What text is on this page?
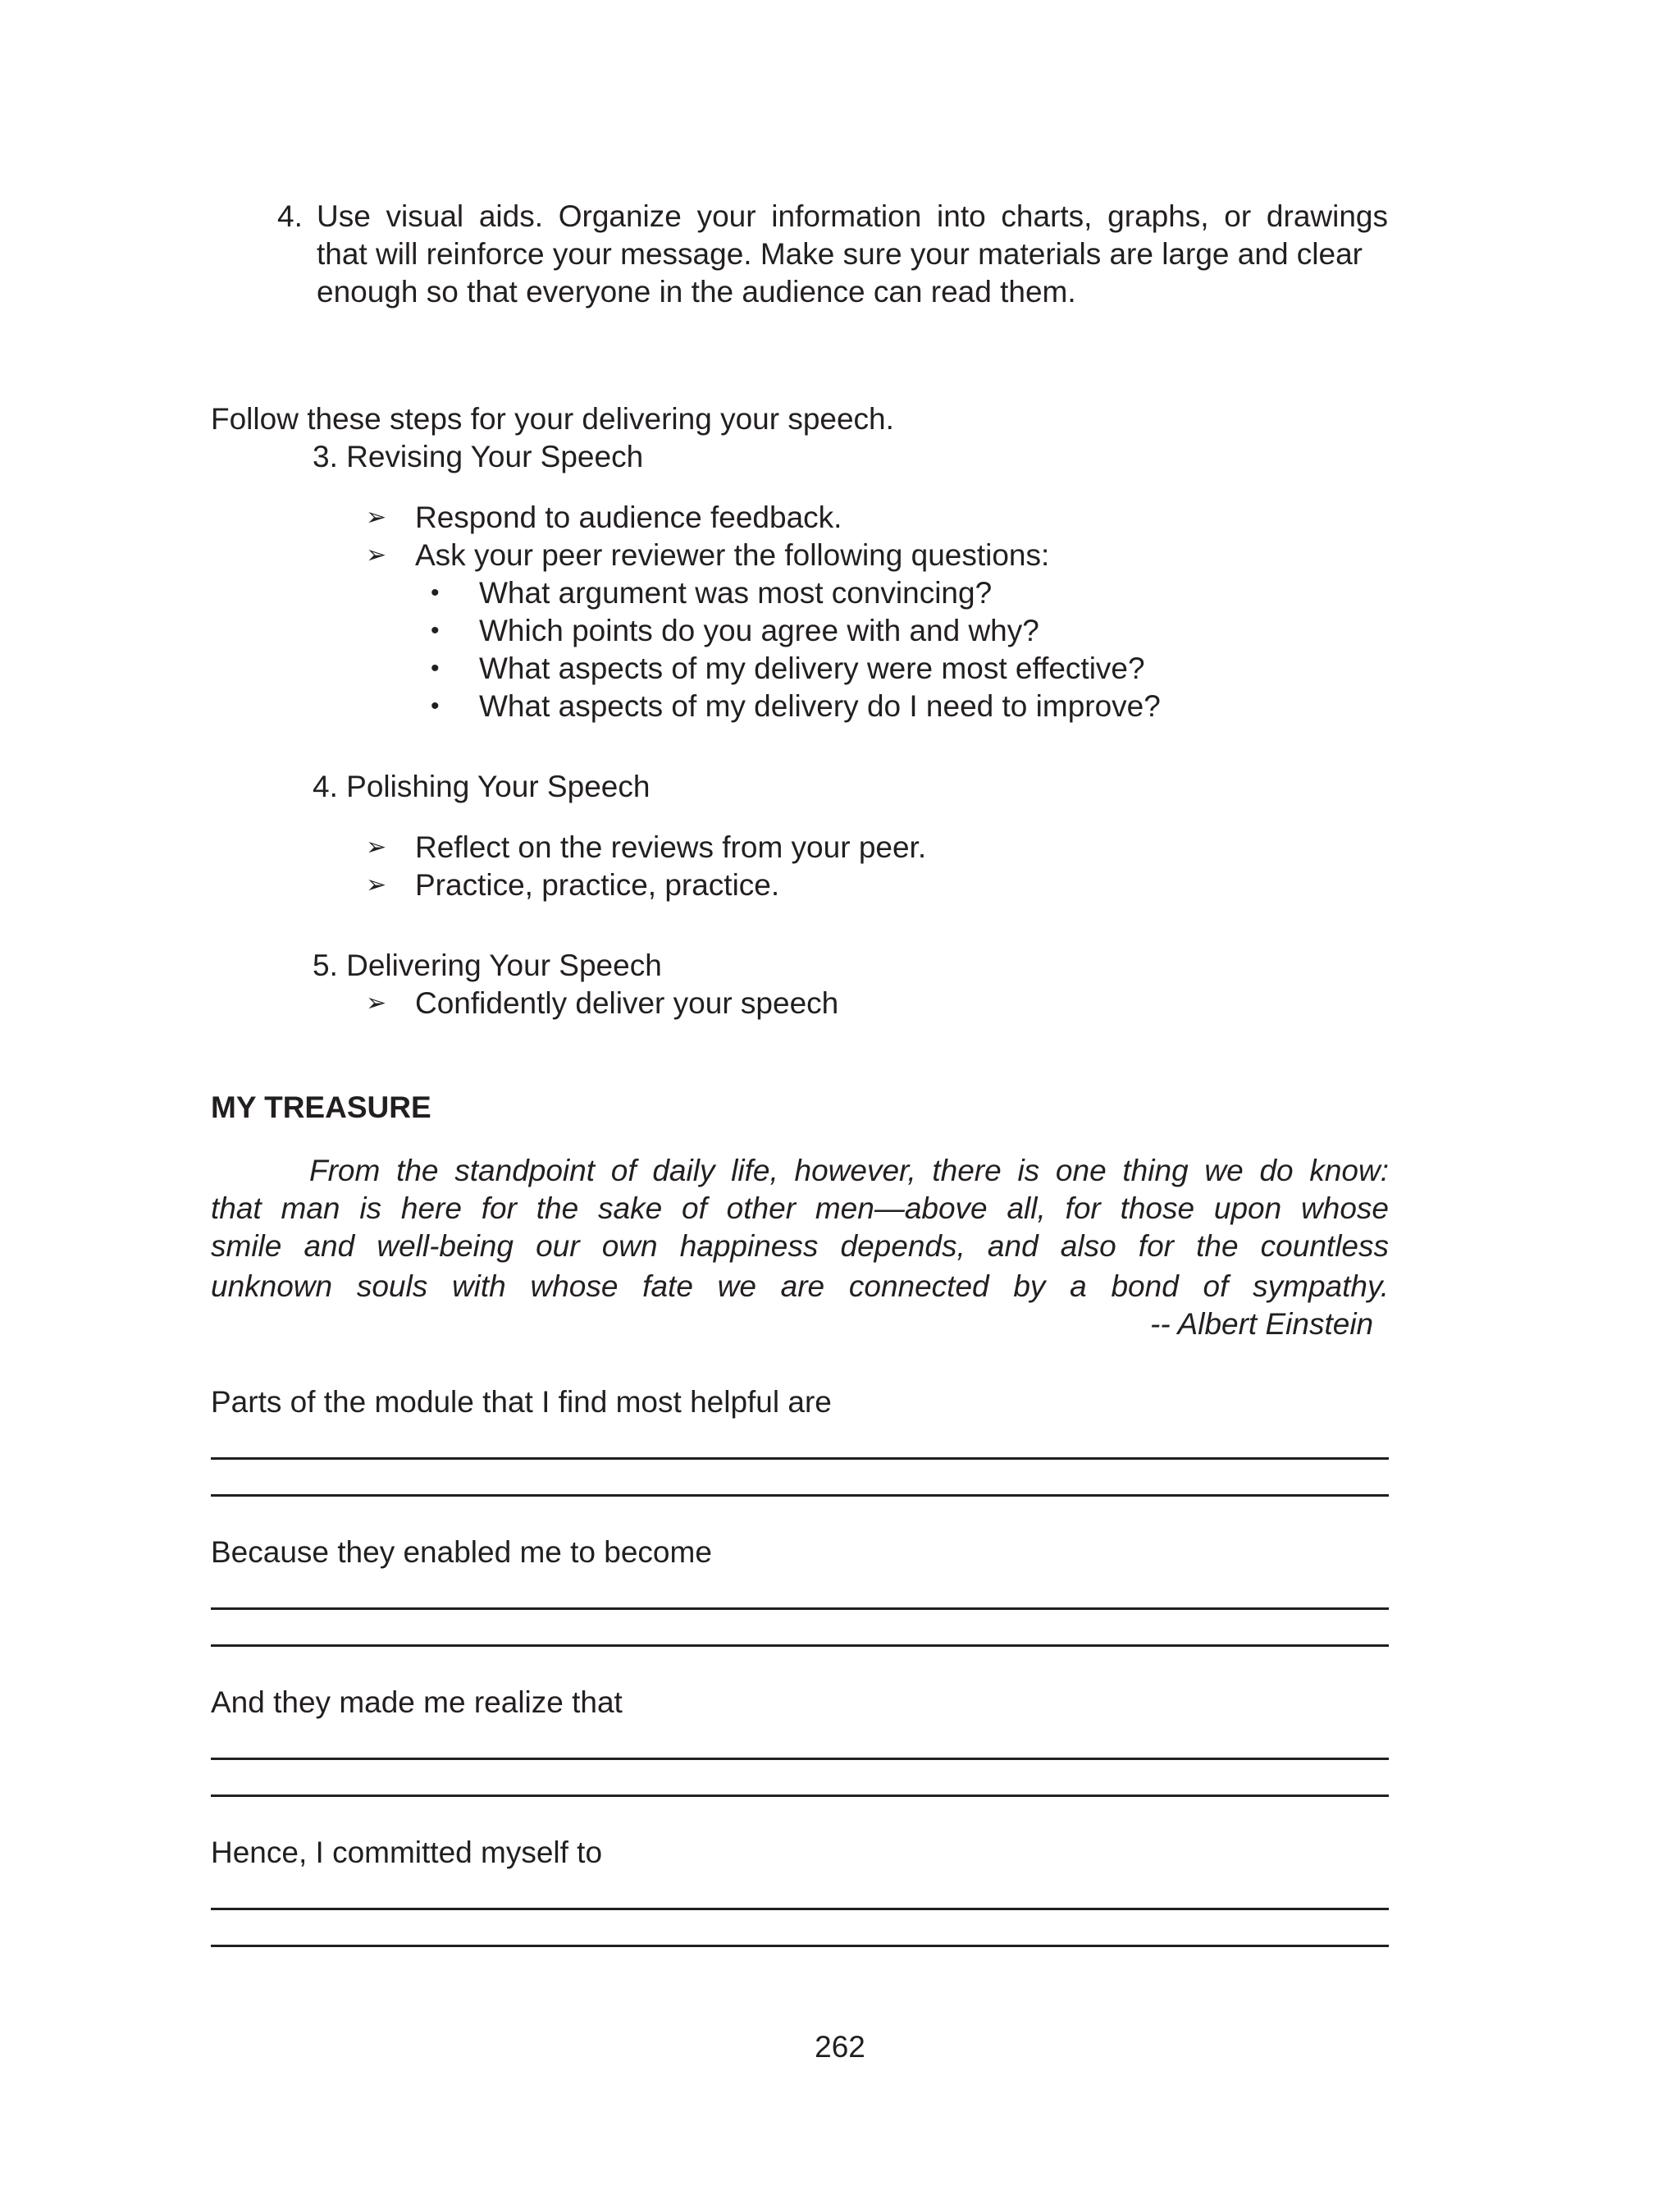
4. Use visual aids. Organize your information into charts, graphs, or drawings
that will reinforce your message. Make sure your materials are large and clear
enough so that everyone in the audience can read them.
Follow these steps for your delivering your speech.
3. Revising Your Speech
➢ Respond to audience feedback.
➢ Ask your peer reviewer the following questions:
• What argument was most convincing?
• Which points do you agree with and why?
• What aspects of my delivery were most effective?
• What aspects of my delivery do I need to improve?
4. Polishing Your Speech
➢ Reflect on the reviews from your peer.
➢ Practice, practice, practice.
5. Delivering Your Speech
➢ Confidently deliver your speech
MY TREASURE
From the standpoint of daily life, however, there is one thing we do know:
that man is here for the sake of other men—above all, for those upon whose
smile and well-being our own happiness depends, and also for the countless
unknown souls with whose fate we are connected by a bond of sympathy.
-- Albert Einstein
Parts of the module that I find most helpful are
Because they enabled me to become
And they made me realize that
Hence, I committed myself to
262
